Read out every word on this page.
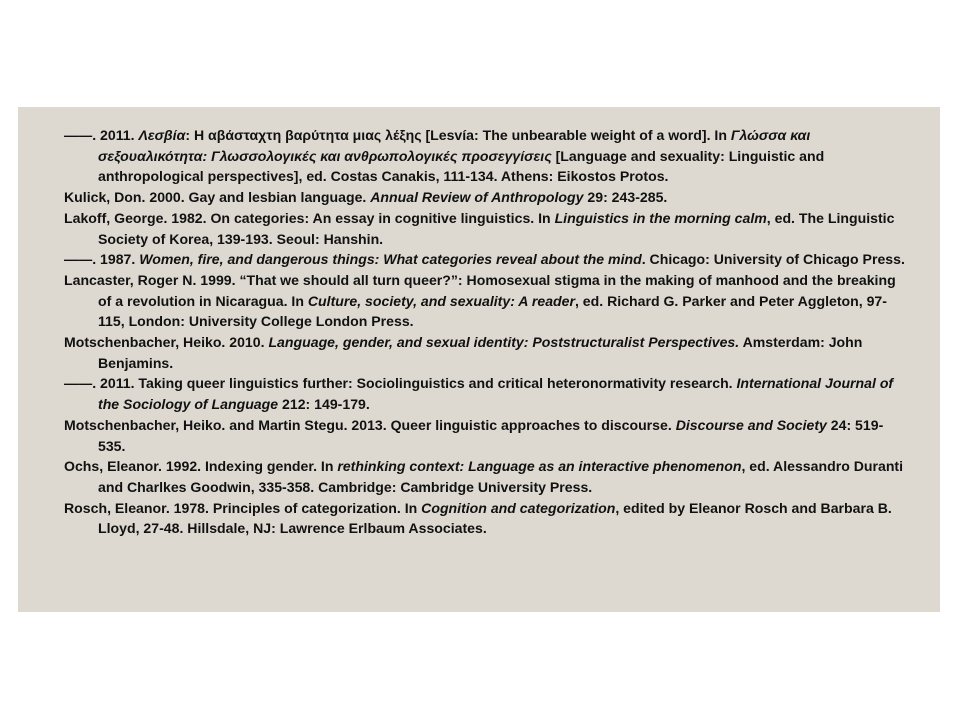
——. 2011. Λεσβία: Η αβάσταχτη βαρύτητα μιας λέξης [Lesvía: The unbearable weight of a word]. In Γλώσσα και σεξουαλικότητα: Γλωσσολογικές και ανθρωπολογικές προσεγγίσεις [Language and sexuality: Linguistic and anthropological perspectives], ed. Costas Canakis, 111-134. Athens: Eikostos Protos.
Kulick, Don. 2000. Gay and lesbian language. Annual Review of Anthropology 29: 243-285.
Lakoff, George. 1982. On categories: An essay in cognitive linguistics. In Linguistics in the morning calm, ed. The Linguistic Society of Korea, 139-193. Seoul: Hanshin.
——. 1987. Women, fire, and dangerous things: What categories reveal about the mind. Chicago: University of Chicago Press.
Lancaster, Roger N. 1999. “That we should all turn queer?”: Homosexual stigma in the making of manhood and the breaking of a revolution in Nicaragua. In Culture, society, and sexuality: A reader, ed. Richard G. Parker and Peter Aggleton, 97-115, London: University College London Press.
Motschenbacher, Heiko. 2010. Language, gender, and sexual identity: Poststructuralist Perspectives. Amsterdam: John Benjamins.
——. 2011. Taking queer linguistics further: Sociolinguistics and critical heteronormativity research. International Journal of the Sociology of Language 212: 149-179.
Motschenbacher, Heiko. and Martin Stegu. 2013. Queer linguistic approaches to discourse. Discourse and Society 24: 519-535.
Ochs, Eleanor. 1992. Indexing gender. In rethinking context: Language as an interactive phenomenon, ed. Alessandro Duranti and Charlkes Goodwin, 335-358. Cambridge: Cambridge University Press.
Rosch, Eleanor. 1978. Principles of categorization. In Cognition and categorization, edited by Eleanor Rosch and Barbara B. Lloyd, 27-48. Hillsdale, NJ: Lawrence Erlbaum Associates.
